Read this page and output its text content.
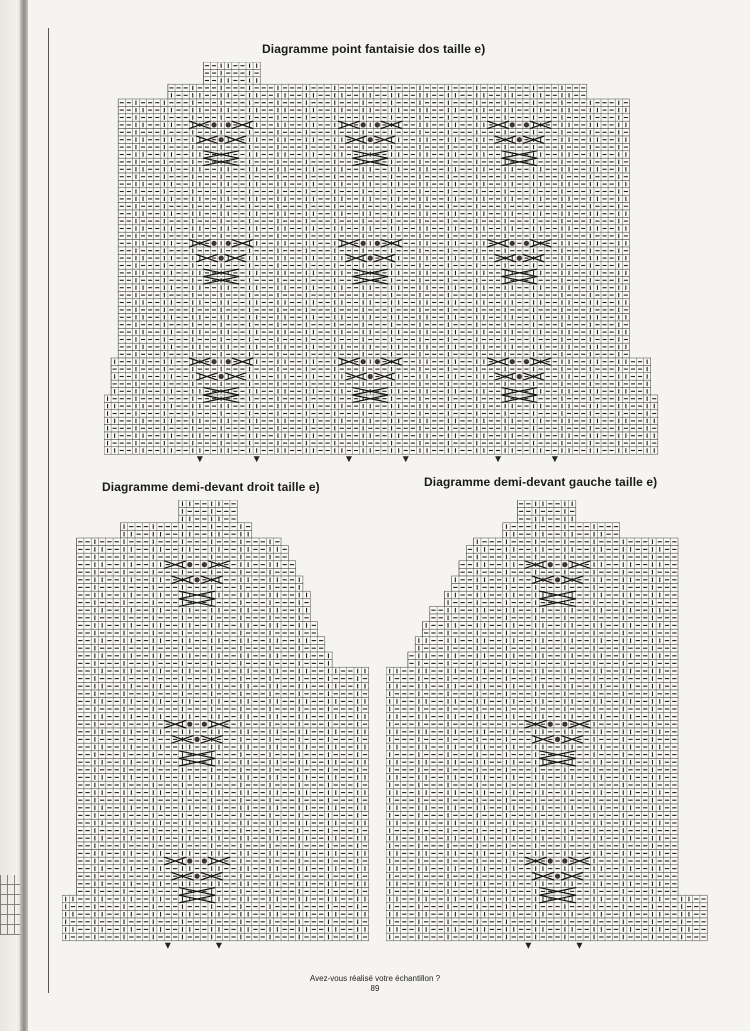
Diagramme point fantaisie dos taille e)
Diagramme demi-devant droit taille e)	Diagramme demi-devant gauche taille e)
Avez-vous réalisé votre échantillon ?
89
